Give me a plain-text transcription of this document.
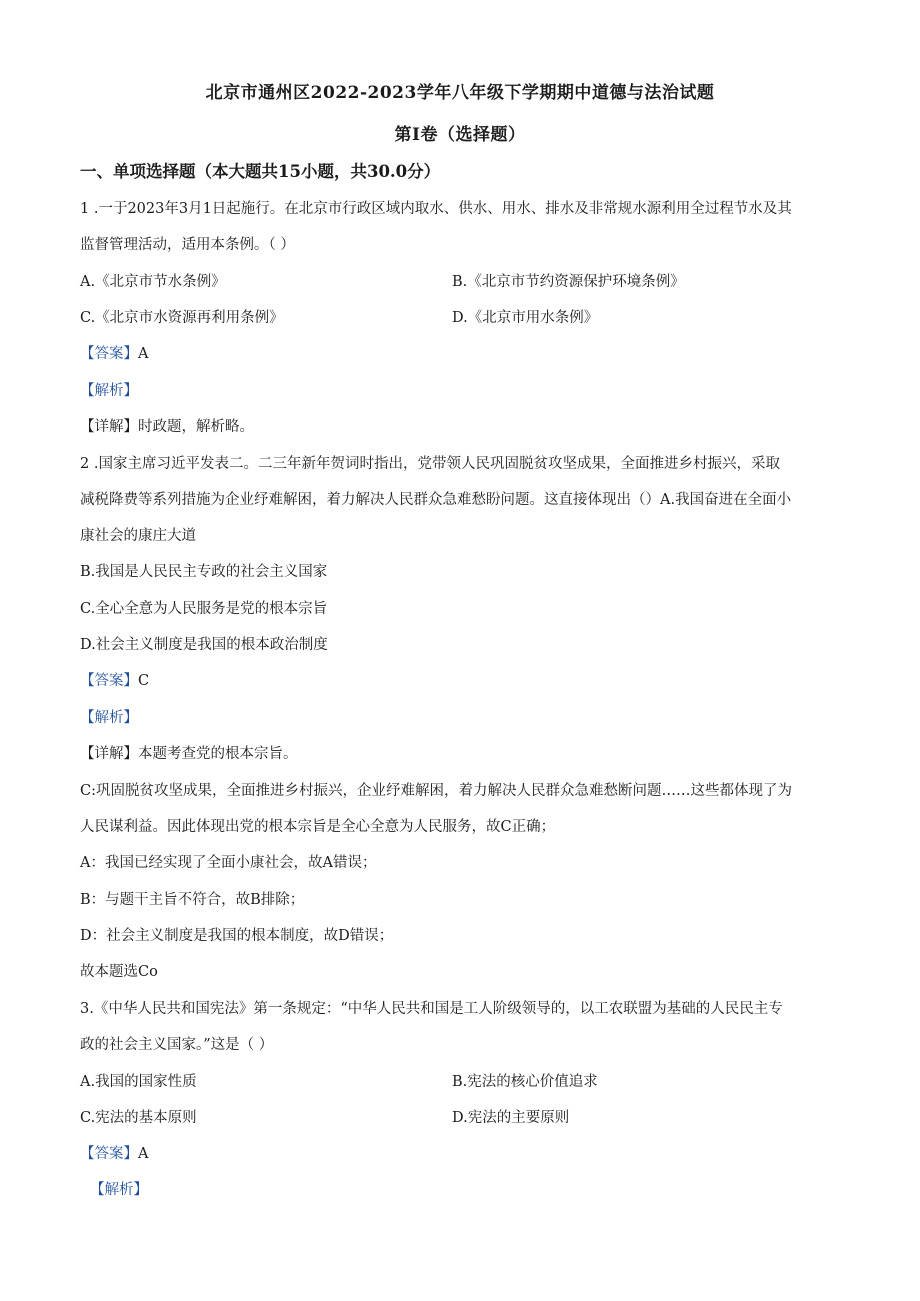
北京市通州区2022-2023学年八年级下学期期中道德与法治试题
第I卷（选择题）
一、单项选择题（本大题共15小题，共30.0分）
1 .一于2023年3月1日起施行。在北京市行政区域内取水、供水、用水、排水及非常规水源利用全过程节水及其
监督管理活动，适用本条例。（ ）
A.《北京市节水条例》	B.《北京市节约资源保护环境条例》
C.《北京市水资源再利用条例》	D.《北京市用水条例》
【答案】A
【解析】
【详解】时政题，解析略。
2 .国家主席习近平发表二。二三年新年贺词时指出，党带领人民巩固脱贫攻坚成果，全面推进乡村振兴，采取
减税降费等系列措施为企业纾难解困，着力解决人民群众急难愁盼问题。这直接体现出（）A.我国奋进在全面小
康社会的康庄大道
B.我国是人民民主专政的社会主义国家
C.全心全意为人民服务是党的根本宗旨
D.社会主义制度是我国的根本政治制度
【答案】C
【解析】
【详解】本题考查党的根本宗旨。
C:巩固脱贫攻坚成果，全面推进乡村振兴，企业纾难解困，着力解决人民群众急难愁断问题……这些都体现了为
人民谋利益。因此体现出党的根本宗旨是全心全意为人民服务，故C正确；
A：我国已经实现了全面小康社会，故A错误；
B：与题干主旨不符合，故B排除；
D：社会主义制度是我国的根本制度，故D错误；
故本题选Co
3.《中华人民共和国宪法》第一条规定：“中华人民共和国是工人阶级领导的，以工农联盟为基础的人民民主专
政的社会主义国家。”这是（ ）
A.我国的国家性质	B.宪法的核心价值追求
C.宪法的基本原则	D.宪法的主要原则
【答案】A
【解析】
